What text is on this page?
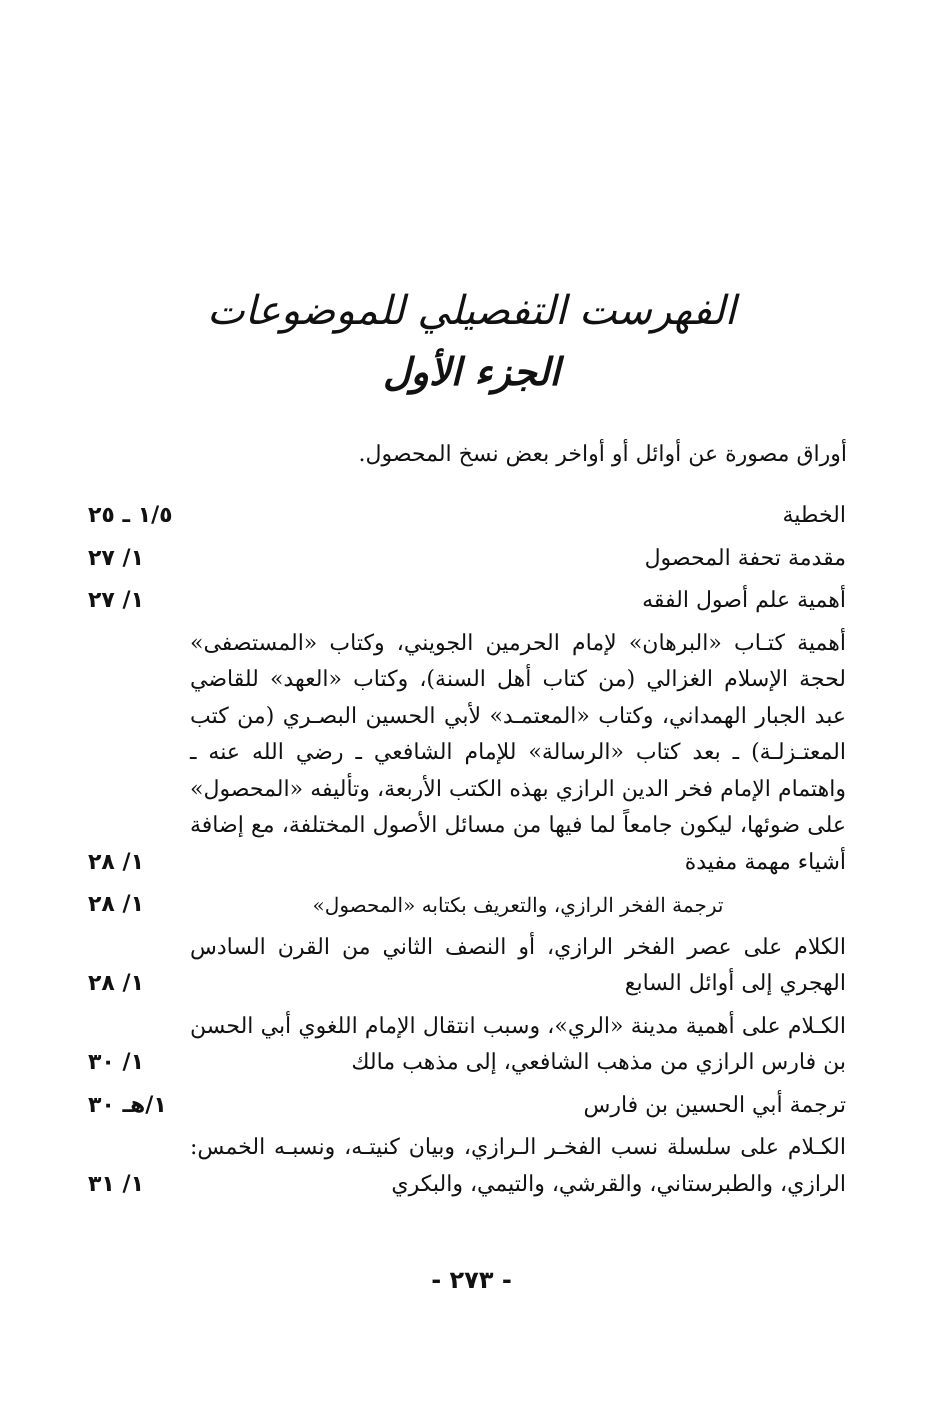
الفهرست التفصيلي للموضوعات
الجزء الأول

أوراق مصورة عن أوائل أو أواخر بعض نسخ المحصول.

الخطية
١/٥ ـ ٢٥
مقدمة تحفة المحصول
١/ ٢٧
أهمية علم أصول الفقه
١/ ٢٧
أهمية كتـاب «البرهان» لإمام الحرمين الجويني، وكتاب «المستصفى» لحجة الإسلام الغزالي (من كتاب أهل السنة)، وكتاب «العهد» للقاضي عبد الجبار الهمداني، وكتاب «المعتمـد» لأبي الحسين البصـري (من كتب المعتـزلـة) ـ بعد كتاب «الرسالة» للإمام الشافعي ـ رضي الله عنه ـ واهتمام الإمام فخر الدين الرازي بهذه الكتب الأربعة، وتأليفه «المحصول» على ضوئها، ليكون جامعاً لما فيها من مسائل الأصول المختلفة، مع إضافة أشياء مهمة مفيدة
١/ ٢٨
ترجمة الفخر الرازي، والتعريف بكتابه «المحصول»
١/ ٢٨
الكلام على عصر الفخر الرازي، أو النصف الثاني من القرن السادس الهجري إلى أوائل السابع
١/ ٢٨
الكـلام على أهمية مدينة «الري»، وسبب انتقال الإمام اللغوي أبي الحسن بن فارس الرازي من مذهب الشافعي، إلى مذهب مالك
١/ ٣٠
ترجمة أبي الحسين بن فارس
١/هـ ٣٠
الكـلام على سلسلة نسب الفخـر الـرازي، وبيان كنيتـه، ونسبـه الخمس: الرازي، والطبرستاني، والقرشي، والتيمي، والبكري
١/ ٣١
- ٢٧٣ -
